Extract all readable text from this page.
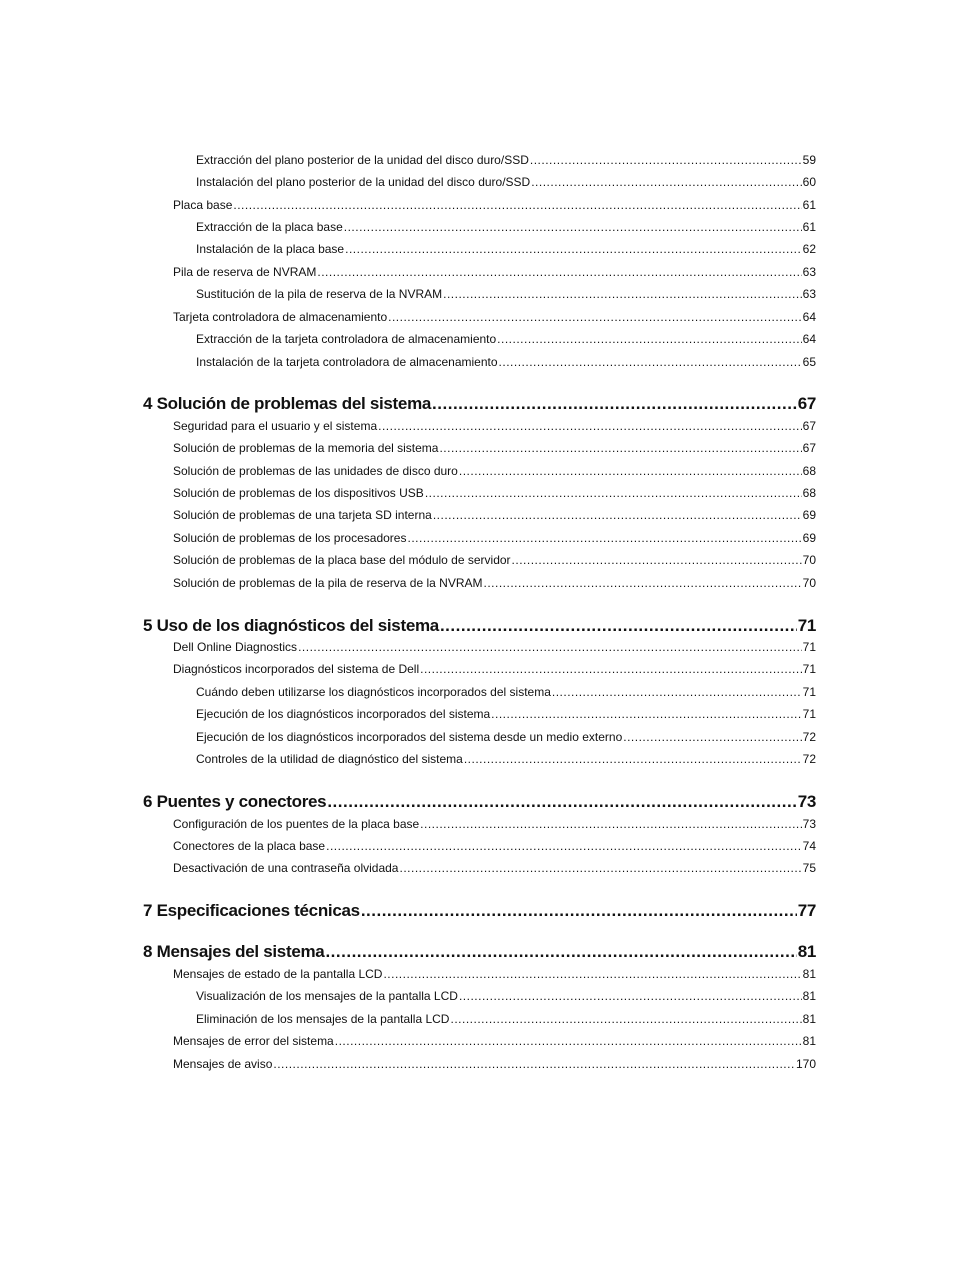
Extracción del plano posterior de la unidad del disco duro/SSD .....	59
Instalación del plano posterior de la unidad del disco duro/SSD .....	60
Placa base .....	61
Extracción de la placa base .....	61
Instalación de la placa base .....	62
Pila de reserva de NVRAM .....	63
Sustitución de la pila de reserva de la NVRAM .....	63
Tarjeta controladora de almacenamiento .....	64
Extracción de la tarjeta controladora de almacenamiento .....	64
Instalación de la tarjeta controladora de almacenamiento .....	65
4 Solución de problemas del sistema .....	67
Seguridad para el usuario y el sistema .....	67
Solución de problemas de la memoria del sistema .....	67
Solución de problemas de las unidades de disco duro .....	68
Solución de problemas de los dispositivos USB .....	68
Solución de problemas de una tarjeta SD interna .....	69
Solución de problemas de los procesadores .....	69
Solución de problemas de la placa base del módulo de servidor .....	70
Solución de problemas de la pila de reserva de la NVRAM .....	70
5 Uso de los diagnósticos del sistema .....	71
Dell Online Diagnostics .....	71
Diagnósticos incorporados del sistema de Dell .....	71
Cuándo deben utilizarse los diagnósticos incorporados del sistema .....	71
Ejecución de los diagnósticos incorporados del sistema .....	71
Ejecución de los diagnósticos incorporados del sistema desde un medio externo .....	72
Controles de la utilidad de diagnóstico del sistema .....	72
6 Puentes y conectores .....	73
Configuración de los puentes de la placa base .....	73
Conectores de la placa base .....	74
Desactivación de una contraseña olvidada .....	75
7 Especificaciones técnicas .....	77
8 Mensajes del sistema .....	81
Mensajes de estado de la pantalla LCD .....	81
Visualización de los mensajes de la pantalla LCD .....	81
Eliminación de los mensajes de la pantalla LCD .....	81
Mensajes de error del sistema .....	81
Mensajes de aviso .....	170
